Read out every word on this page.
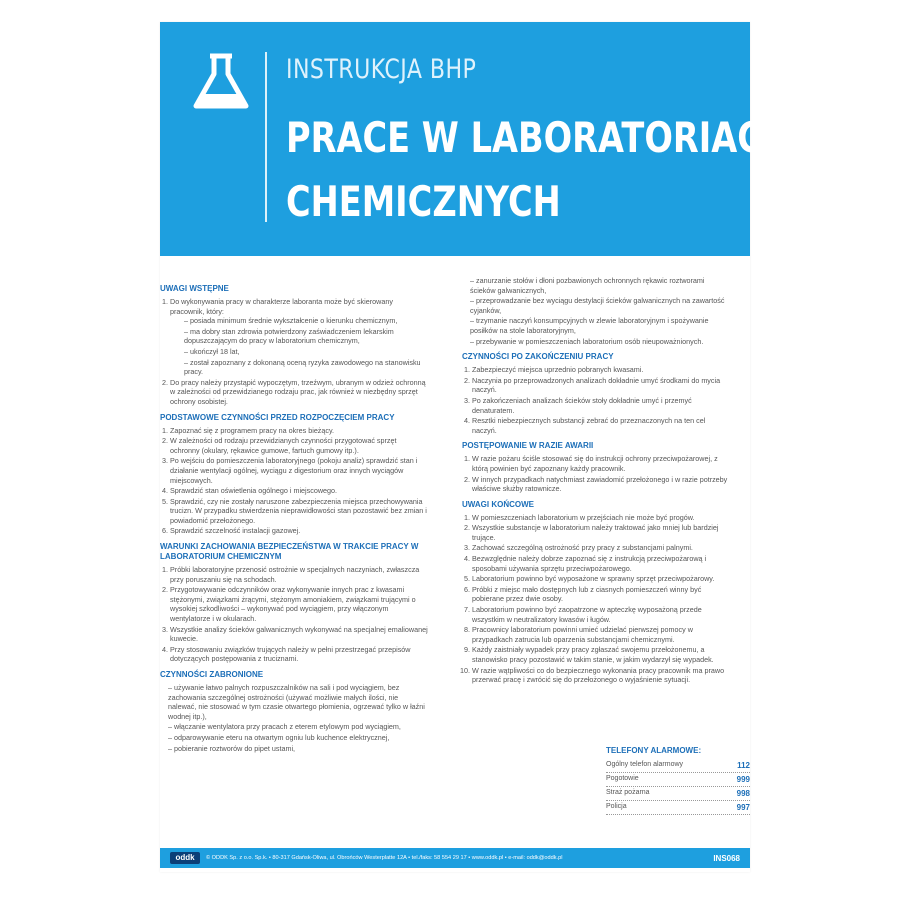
INSTRUKCJA BHP
PRACE W LABORATORIACH
CHEMICZNYCH
UWAGI WSTĘPNE
1. Do wykonywania pracy w charakterze laboranta może być skierowany pracownik, który:
– posiada minimum średnie wykształcenie o kierunku chemicznym,
– ma dobry stan zdrowia potwierdzony zaświadczeniem lekarskim dopuszczającym do pracy w laboratorium chemicznym,
– ukończył 18 lat,
– został zapoznany z dokonaną oceną ryzyka zawodowego na stanowisku pracy.
2. Do pracy należy przystąpić wypoczętym, trzeźwym, ubranym w odzież ochronną w zależności od przewidzianego rodzaju prac, jak również w niezbędny sprzęt ochrony osobistej.
PODSTAWOWE CZYNNOŚCI PRZED ROZPOCZĘCIEM PRACY
1. Zapoznać się z programem pracy na okres bieżący.
2. W zależności od rodzaju przewidzianych czynności przygotować sprzęt ochronny (okulary, rękawice gumowe, fartuch gumowy itp.).
3. Po wejściu do pomieszczenia laboratoryjnego (pokoju analiz) sprawdzić stan i działanie wentylacji ogólnej, wyciągu z digestorium oraz innych wyciągów miejscowych.
4. Sprawdzić stan oświetlenia ogólnego i miejscowego.
5. Sprawdzić, czy nie zostały naruszone zabezpieczenia miejsca przechowywania trucizn. W przypadku stwierdzenia nieprawidłowości stan pozostawić bez zmian i powiadomić przełożonego.
6. Sprawdzić szczelność instalacji gazowej.
WARUNKI ZACHOWANIA BEZPIECZEŃSTWA W TRAKCIE PRACY W LABORATORIUM CHEMICZNYM
1. Próbki laboratoryjne przenosić ostrożnie w specjalnych naczyniach, zwłaszcza przy poruszaniu się na schodach.
2. Przygotowywanie odczynników oraz wykonywanie innych prac z kwasami stężonymi, związkami żrącymi, stężonym amoniakiem, związkami trującymi o wysokiej szkodliwości – wykonywać pod wyciągiem, przy włączonym wentylatorze i w okularach.
3. Wszystkie analizy ścieków galwanicznych wykonywać na specjalnej emaliowanej kuwecie.
4. Przy stosowaniu związków trujących należy w pełni przestrzegać przepisów dotyczących postępowania z truciznami.
CZYNNOŚCI ZABRONIONE
– używanie łatwo palnych rozpuszczalników na sali i pod wyciągiem, bez zachowania szczególnej ostrożności (używać możliwie małych ilości, nie nalewać, nie stosować w tym czasie otwartego płomienia, ogrzewać tylko w łaźni wodnej itp.),
– włączanie wentylatora przy pracach z eterem etylowym pod wyciągiem,
– odparowywanie eteru na otwartym ogniu lub kuchence elektrycznej,
– pobieranie roztworów do pipet ustami,
– zanurzanie stołów i dłoni pozbawionych ochronnych rękawic roztworami ścieków galwanicznych,
– przeprowadzanie bez wyciągu destylacji ścieków galwanicznych na zawartość cyjanków,
– trzymanie naczyń konsumpcyjnych w zlewie laboratoryjnym i spożywanie posiłków na stole laboratoryjnym,
– przebywanie w pomieszczeniach laboratorium osób nieupoważnionych.
CZYNNOŚCI PO ZAKOŃCZENIU PRACY
1. Zabezpieczyć miejsca uprzednio pobranych kwasami.
2. Naczynia po przeprowadzonych analizach dokładnie umyć środkami do mycia naczyń.
3. Po zakończeniach analizach ścieków stoły dokładnie umyć i przemyć denaturatem.
4. Resztki niebezpiecznych substancji zebrać do przeznaczonych na ten cel naczyń.
POSTĘPOWANIE W RAZIE AWARII
1. W razie pożaru ściśle stosować się do instrukcji ochrony przeciwpożarowej, z którą powinien być zapoznany każdy pracownik.
2. W innych przypadkach natychmiast zawiadomić przełożonego i w razie potrzeby właściwe służby ratownicze.
UWAGI KOŃCOWE
1. W pomieszczeniach laboratorium w przejściach nie może być progów.
2. Wszystkie substancje w laboratorium należy traktować jako mniej lub bardziej trujące.
3. Zachować szczególną ostrożność przy pracy z substancjami palnymi.
4. Bezwzględnie należy dobrze zapoznać się z instrukcją przeciwpożarową i sposobami używania sprzętu przeciwpożarowego.
5. Laboratorium powinno być wyposażone w sprawny sprzęt przeciwpożarowy.
6. Próbki z miejsc mało dostępnych lub z ciasnych pomieszczeń winny być pobierane przez dwie osoby.
7. Laboratorium powinno być zaopatrzone w apteczkę wyposażoną przede wszystkim w neutralizatory kwasów i ługów.
8. Pracownicy laboratorium powinni umieć udzielać pierwszej pomocy w przypadkach zatrucia lub oparzenia substancjami chemicznymi.
9. Każdy zaistniały wypadek przy pracy zgłaszać swojemu przełożonemu, a stanowisko pracy pozostawić w takim stanie, w jakim wydarzył się wypadek.
10. W razie wątpliwości co do bezpiecznego wykonania pracy pracownik ma prawo przerwać pracę i zwrócić się do przełożonego o wyjaśnienie sytuacji.
TELEFONY ALARMOWE:
Ogólny telefon alarmowy	112
Pogotowie	999
Straż pożarna	998
Policja	997
oddk	© ODDK Sp. z o.o. Sp.k. • 80-317 Gdańsk-Oliwa, ul. Obrońców Westerplatte 12A • tel./faks: 58 554 29 17 • www.oddk.pl • e-mail: oddk@oddk.pl	INS068
